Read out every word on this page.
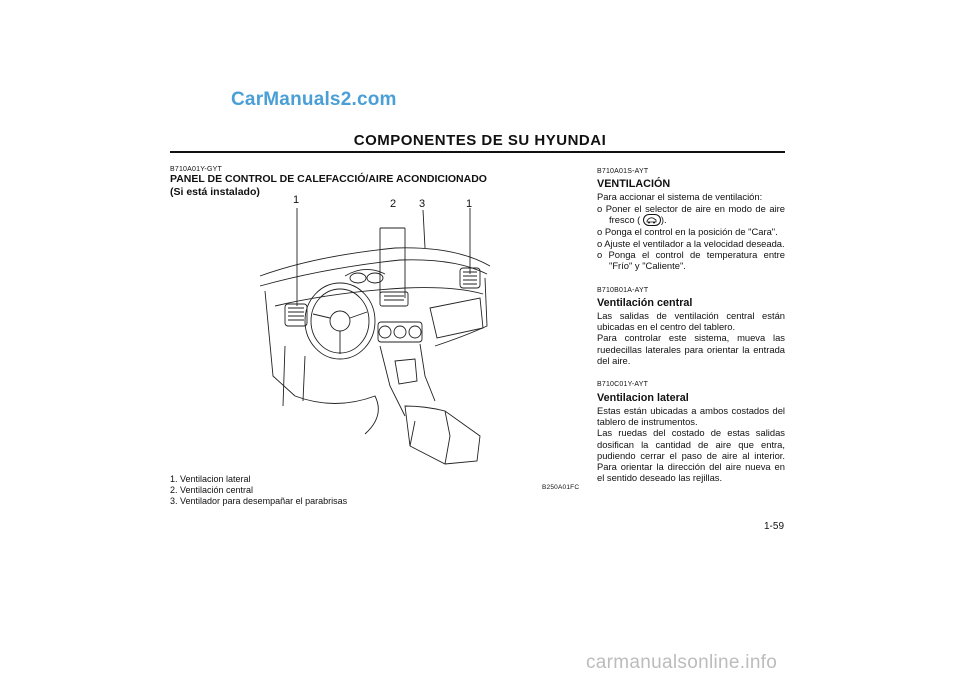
CarManuals2.com
COMPONENTES DE SU HYUNDAI
B710A01Y-GYT
PANEL DE CONTROL DE CALEFACCIÓ/AIRE ACONDICIONADO
(Si está instalado)
1	2 3	1
B250A01FC
1. Ventilacion lateral
2. Ventilación central
3. Ventilador para desempañar el parabrisas
B710A01S-AYT
VENTILACIÓN
Para accionar el sistema de ventilación:
o Poner el selector de aire en modo de aire fresco ( ).
o Ponga el control en la posición de "Cara".
o Ajuste el ventilador a la velocidad deseada.
o Ponga el control de temperatura entre "Frío" y "Caliente".
B710B01A-AYT
Ventilación central
Las salidas de ventilación central están ubicadas en el centro del tablero.
Para controlar este sistema, mueva las ruedecillas laterales para orientar la entrada del aire.
B710C01Y-AYT
Ventilacion lateral
Estas están ubicadas a ambos costados del tablero de instrumentos.
Las ruedas del costado de estas salidas dosifican la cantidad de aire que entra, pudiendo cerrar el paso de aire al interior. Para orientar la dirección del aire nueva en el sentido deseado las rejillas.
1-59
carmanualsonline.info
